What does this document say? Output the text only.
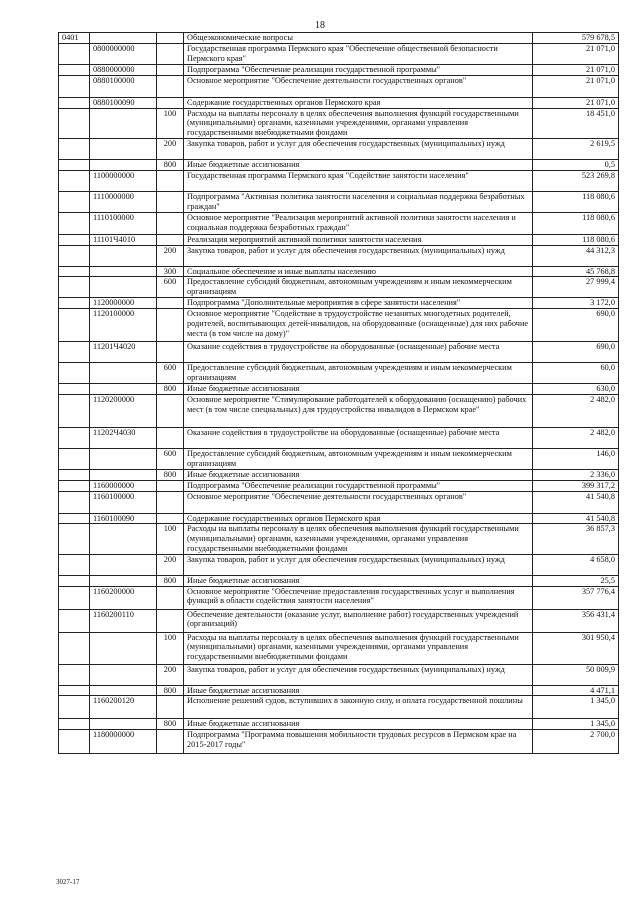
18
0401			Общеэкономические вопросы	579 678,5
	0800000000		Государственная программа Пермского края "Обеспечение общественной безопасности Пермского края"	21 071,0
	0880000000		Подпрограмма "Обеспечение реализации государственной программы"	21 071,0
	0880100000		Основное мероприятие "Обеспечение деятельности государственных органов"	21 071,0
	0880100090		Содержание государственных органов Пермского края	21 071,0
		100	Расходы на выплаты персоналу в целях обеспечения выполнения функций государственными (муниципальными) органами, казенными учреждениями, органами управления государственными внебюджетными фондами	18 451,0
		200	Закупка товаров, работ и услуг для обеспечения государственных (муниципальных) нужд	2 619,5
		800	Иные бюджетные ассигнования	0,5
	1100000000		Государственная программа Пермского края "Содействие занятости населения"	523 269,8
	1110000000		Подпрограмма "Активная политика занятости населения и социальная поддержка безработных граждан"	118 080,6
	1110100000		Основное мероприятие "Реализация мероприятий активной политики занятости населения и социальная поддержка безработных граждан"	118 080,6
	11101Ч4010		Реализация мероприятий активной политики занятости населения	118 080,6
		200	Закупка товаров, работ и услуг для обеспечения государственных (муниципальных) нужд	44 312,3
		300	Социальное обеспечение и иные выплаты населению	45 768,8
		600	Предоставление субсидий бюджетным, автономным учреждениям и иным некоммерческим организациям	27 999,4
	1120000000		Подпрограмма "Дополнительные мероприятия в сфере занятости населения"	3 172,0
	1120100000		Основное мероприятие "Содействие в трудоустройстве незанятых многодетных родителей, родителей, воспитывающих детей-инвалидов, на оборудованные (оснащенные) для них рабочие места (в том числе на дому)"	690,0
	11201Ч4020		Оказание содействия в трудоустройстве на оборудованные (оснащенные) рабочие места	690,0
		600	Предоставление субсидий бюджетным, автономным учреждениям и иным некоммерческим организациям	60,0
		800	Иные бюджетные ассигнования	630,0
	1120200000		Основное мероприятие "Стимулирование работодателей к оборудованию (оснащению) рабочих мест (в том числе специальных) для трудоустройства инвалидов в Пермском крае"	2 482,0
	11202Ч4030		Оказание содействия в трудоустройстве на оборудованные (оснащенные) рабочие места	2 482,0
		600	Предоставление субсидий бюджетным, автономным учреждениям и иным некоммерческим организациям	146,0
		800	Иные бюджетные ассигнования	2 336,0
	1160000000		Подпрограмма "Обеспечение реализации государственной программы"	399 317,2
	1160100000		Основное мероприятие "Обеспечение деятельности государственных органов"	41 540,8
	1160100090		Содержание государственных органов Пермского края	41 540,8
		100	Расходы на выплаты персоналу в целях обеспечения выполнения функций государственными (муниципальными) органами, казенными учреждениями, органами управления государственными внебюджетными фондами	36 857,3
		200	Закупка товаров, работ и услуг для обеспечения государственных (муниципальных) нужд	4 658,0
		800	Иные бюджетные ассигнования	25,5
	1160200000		Основное мероприятие "Обеспечение предоставления государственных услуг и выполнения функций в области содействия занятости населения"	357 776,4
	1160200110		Обеспечение деятельности (оказание услуг, выполнение работ) государственных учреждений (организаций)	356 431,4
		100	Расходы на выплаты персоналу в целях обеспечения выполнения функций государственными (муниципальными) органами, казенными учреждениями, органами управления государственными внебюджетными фондами	301 950,4
		200	Закупка товаров, работ и услуг для обеспечения государственных (муниципальных) нужд	50 009,9
		800	Иные бюджетные ассигнования	4 471,1
	1160200120		Исполнение решений судов, вступивших в законную силу, и оплата государственной пошлины	1 345,0
		800	Иные бюджетные ассигнования	1 345,0
	1180000000		Подпрограмма "Программа повышения мобильности трудовых ресурсов в Пермском крае на 2015-2017 годы"	2 700,0
3027-17
